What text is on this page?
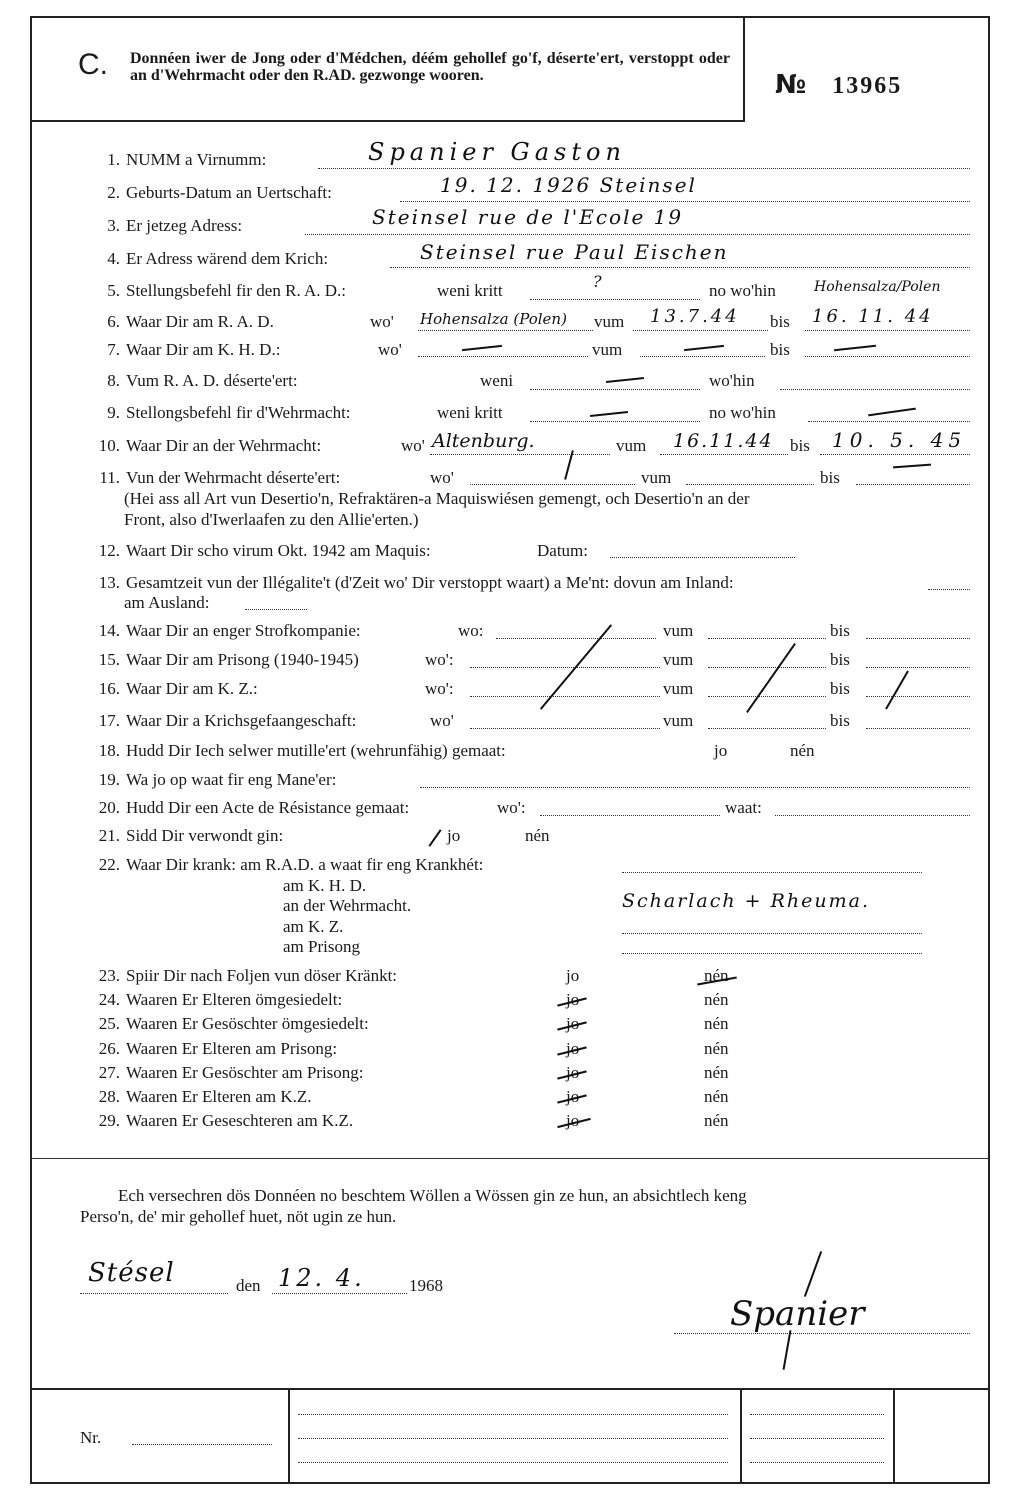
C. Donnéen iwer de Jong oder d'Médchen, déém gehollef go'f, déserte'ert, verstoppt oder an d'Wehrmacht oder den R.AD. gezwonge wooren.	№ 13965
1. NUMM a Virnumm:	Spanier Gaston
2. Geburts-Datum an Uertschaft:	19. 12. 1926 Steinsel
3. Er jetzeg Adress:	Steinsel rue de l'Ecole 19
4. Er Adress wärend dem Krich:	Steinsel rue Paul Eischen
5. Stellungsbefehl fir den R. A. D.:	weni kritt	?	no wo'hin	Hohensalza/Polen
6. Waar Dir am R. A. D.	wo' Hohensalza (Polen) vum 13.7.44 bis 16. 11. 44
7. Waar Dir am K. H. D.:	wo'	vum	bis
8. Vum R. A. D. déserte'ert:	weni	wo'hin
9. Stellongsbefehl fir d'Wehrmacht:	weni kritt	no wo'hin
10. Waar Dir an der Wehrmacht:	wo' Altenburg.	vum 16.11.44 bis 10. 5. 45
11. Vun der Wehrmacht déserte'ert:	wo'	vum	bis
(Hei ass all Art vun Desertio'n, Refraktären-a Maquiswiésen gemengt, och Desertio'n an der
Front, also d'Iwerlaafen zu den Allie'erten.)
12. Waart Dir scho virum Okt. 1942 am Maquis:	Datum:
13. Gesamtzeit vun der Illégalite't (d'Zeit wo' Dir verstoppt waart) a Me'nt: dovun am Inland:
am Ausland:
14. Waar Dir an enger Strofkompanie:	wo:	vum	bis
15. Waar Dir am Prisong (1940-1945)	wo':	vum	bis
16. Waar Dir am K. Z.:	wo':	vum	bis
17. Waar Dir a Krichsgefaangeschaft:	wo'	vum	bis
18. Hudd Dir Iech selwer mutille'ert (wehrunfähig) gemaat:	jo	nén
19. Wa jo op waat fir eng Mane'er:
20. Hudd Dir een Acte de Résistance gemaat:	wo':	waat:
21. Sidd Dir verwondt gin:	jo	nén
22. Waar Dir krank: am R.A.D. a waat fir eng Krankhét:
am K. H. D.
an der Wehrmacht.	Scharlach + Rheuma.
am K. Z.
am Prisong
23. Spiir Dir nach Foljen vun döser Kränkt:	jo	nén
24. Waaren Er Elteren ömgesiedelt:	jo	nén
25. Waaren Er Gesöschter ömgesiedelt:	jo	nén
26. Waaren Er Elteren am Prisong:	jo	nén
27. Waaren Er Gesöschter am Prisong:	jo	nén
28. Waaren Er Elteren am K.Z.	jo	nén
29. Waaren Er Geseschteren am K.Z.	jo	nén
Ech versechren dös Donnéen no beschtem Wöllen a Wössen gin ze hun, an absichtlech keng
Perso'n, de' mir gehollef huet, nöt ugin ze hun.
Stésel	den 12. 4.	1968
Spanier
Nr.
